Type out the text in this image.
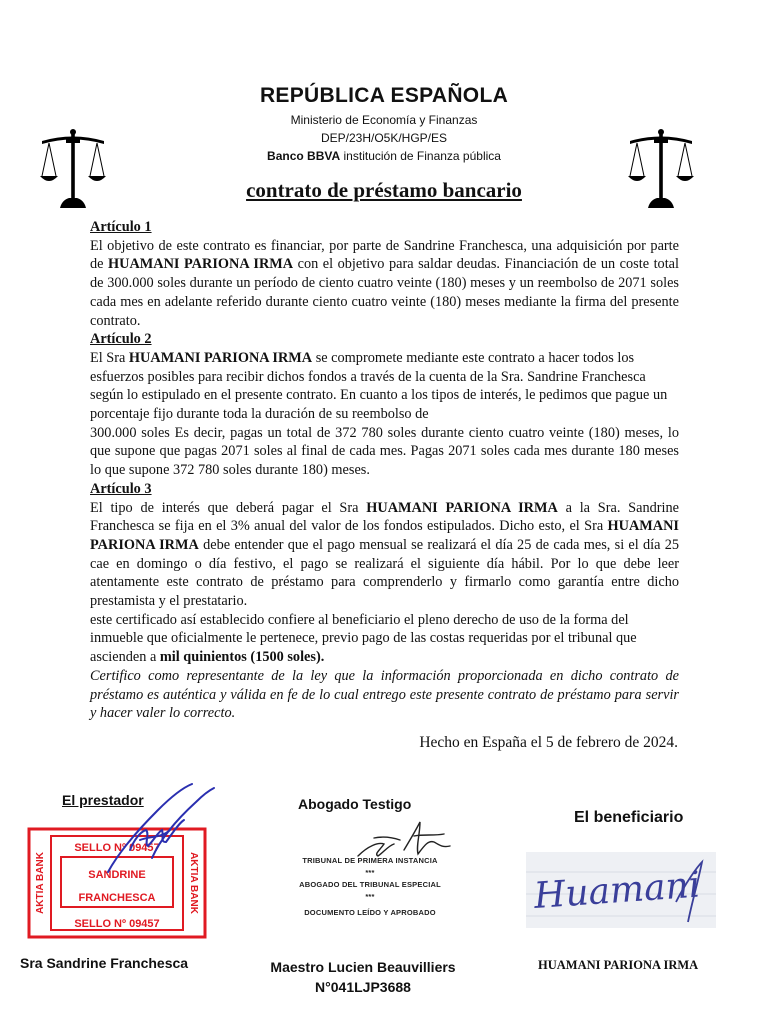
REPÚBLICA ESPAÑOLA
Ministerio de Economía y Finanzas
DEP/23H/O5K/HGP/ES
Banco BBVA institución de Finanza pública
contrato de préstamo bancario

Artículo 1

El objetivo de este contrato es financiar, por parte de Sandrine Franchesca, una adquisición por parte de HUAMANI PARIONA IRMA con el objetivo para saldar deudas. Financiación de un coste total de 300.000 soles durante un período de ciento cuatro veinte (180) meses y un reembolso de 2071 soles cada mes en adelante referido durante ciento cuatro veinte (180) meses mediante la firma del presente contrato.

Artículo 2

El Sra HUAMANI PARIONA IRMA se compromete mediante este contrato a hacer todos los esfuerzos posibles para recibir dichos fondos a través de la cuenta de la Sra. Sandrine Franchesca según lo estipulado en el presente contrato. En cuanto a los tipos de interés, le pedimos que pague un porcentaje fijo durante toda la duración de su reembolso de

300.000 soles Es decir, pagas un total de 372 780 soles durante ciento cuatro veinte (180) meses, lo que supone que pagas 2071 soles al final de cada mes. Pagas 2071 soles cada mes durante 180 meses lo que supone 372 780 soles durante 180) meses.

Artículo 3

El tipo de interés que deberá pagar el Sra HUAMANI PARIONA IRMA a la Sra. Sandrine Franchesca se fija en el 3% anual del valor de los fondos estipulados. Dicho esto, el Sra HUAMANI PARIONA IRMA debe entender que el pago mensual se realizará el día 25 de cada mes, si el día 25 cae en domingo o día festivo, el pago se realizará el siguiente día hábil. Por lo que debe leer atentamente este contrato de préstamo para comprenderlo y firmarlo como garantía entre dicho prestamista y el prestatario.

este certificado así establecido confiere al beneficiario el pleno derecho de uso de la forma del inmueble que oficialmente le pertenece, previo pago de las costas requeridas por el tribunal que ascienden a mil quinientos (1500 soles).

Certifico como representante de la ley que la información proporcionada en dicho contrato de préstamo es auténtica y válida en fe de lo cual entrego este presente contrato de préstamo para servir y hacer valer lo correcto.

Hecho en España el 5 de febrero de 2024.
El prestador
AKTIA BANK	AKTIA BANK
SELLO Nº 09457
SANDRINE
FRANCHESCA
SELLO Nº 09457
Sra Sandrine Franchesca
Abogado Testigo
TRIBUNAL DE PRIMERA INSTANCIA
***
ABOGADO DEL TRIBUNAL ESPECIAL
***
DOCUMENTO LEÍDO Y APROBADO
Maestro Lucien Beauvilliers
N°041LJP3688
El beneficiario
Huamani
HUAMANI PARIONA IRMA
